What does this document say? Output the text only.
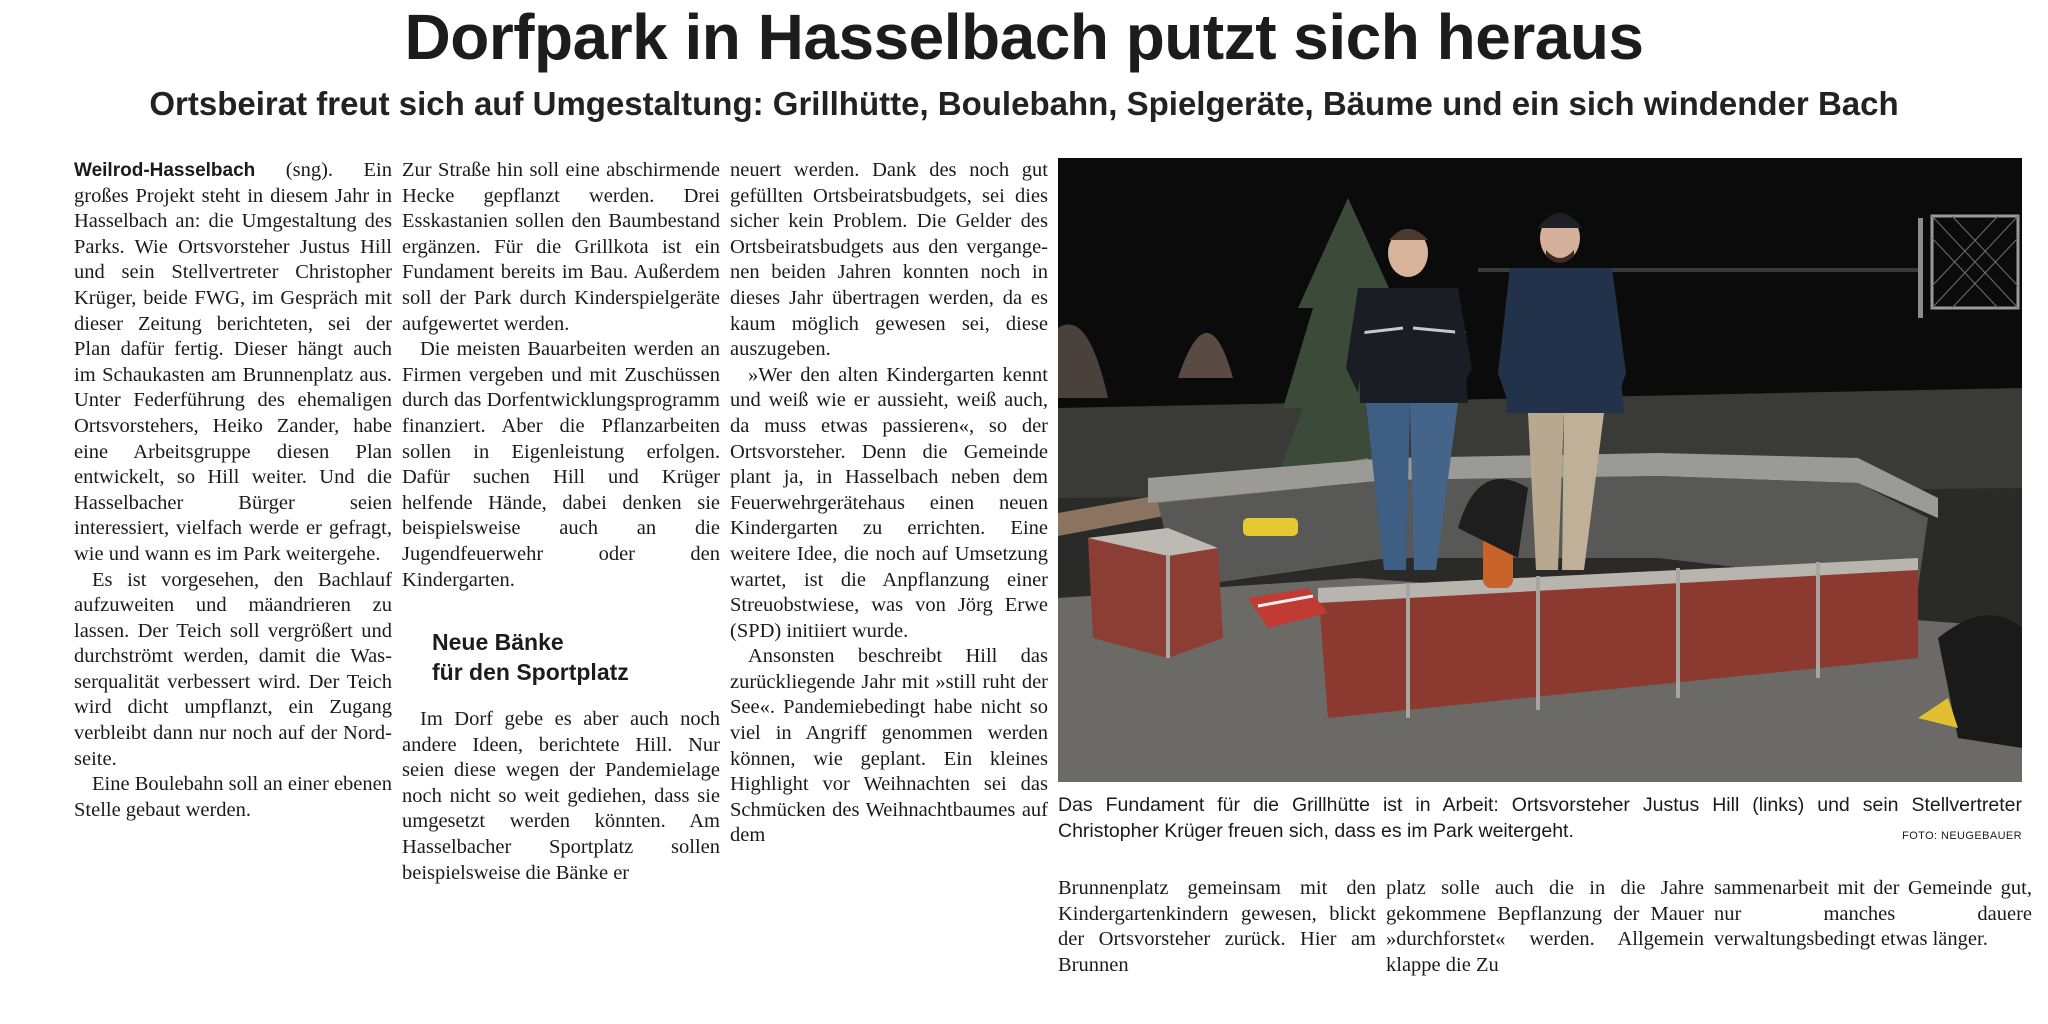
Dorfpark in Hasselbach putzt sich heraus
Ortsbeirat freut sich auf Umgestaltung: Grillhütte, Boulebahn, Spielgeräte, Bäume und ein sich windender Bach

Weilrod-Hasselbach (sng). Ein großes Projekt steht in diesem Jahr in Hasselbach an: die Umgestaltung des Parks. Wie Ortsvorsteher Justus Hill und sein Stellvertreter Christopher Krüger, beide FWG, im Gespräch mit dieser Zeitung berichteten, sei der Plan dafür fertig. Dieser hängt auch im Schaukasten am Brunnenplatz aus. Unter Federführung des ehemaligen Ortsvorstehers, Heiko Zander, habe eine Arbeitsgruppe diesen Plan entwickelt, so Hill weiter. Und die Hasselbacher Bürger seien interessiert, vielfach werde er gefragt, wie und wann es im Park weitergehe.

Es ist vorgesehen, den Bachlauf aufzuweiten und mäandrieren zu lassen. Der Teich soll vergrößert und durchströmt werden, damit die Wasserqualität verbessert wird. Der Teich wird dicht umpflanzt, ein Zugang verbleibt dann nur noch auf der Nordseite.

Eine Boulebahn soll an einer ebenen Stelle gebaut werden.

Zur Straße hin soll eine abschirmende Hecke gepflanzt werden. Drei Esskastanien sollen den Baumbestand ergänzen. Für die Grillkota ist ein Fundament bereits im Bau. Außerdem soll der Park durch Kinderspielgeräte aufgewertet werden.

Die meisten Bauarbeiten werden an Firmen vergeben und mit Zuschüssen durch das Dorfentwicklungsprogramm finanziert. Aber die Pflanzarbeiten sollen in Eigenleistung erfolgen. Dafür suchen Hill und Krüger helfende Hände, dabei denken sie beispielsweise auch an die Jugendfeuerwehr oder den Kindergarten.

Neue Bänke
für den Sportplatz

Im Dorf gebe es aber auch noch andere Ideen, berichtete Hill. Nur seien diese wegen der Pandemielage noch nicht so weit gediehen, dass sie umgesetzt werden könnten. Am Hasselbacher Sportplatz sollen beispielsweise die Bänke er

neuert werden. Dank des noch gut gefüllten Ortsbeiratsbudgets, sei dies sicher kein Problem. Die Gelder des Ortsbeiratsbudgets aus den vergangenen beiden Jahren konnten noch in dieses Jahr übertragen werden, da es kaum möglich gewesen sei, diese auszugeben.

»Wer den alten Kindergarten kennt und weiß wie er aussieht, weiß auch, da muss etwas passieren«, so der Ortsvorsteher. Denn die Gemeinde plant ja, in Hasselbach neben dem Feuerwehrgerätehaus einen neuen Kindergarten zu errichten. Eine weitere Idee, die noch auf Umsetzung wartet, ist die Anpflanzung einer Streuobstwiese, was von Jörg Erwe (SPD) initiiert wurde.

Ansonsten beschreibt Hill das zurückliegende Jahr mit »still ruht der See«. Pandemiebedingt habe nicht so viel in Angriff genommen werden können, wie geplant. Ein kleines Highlight vor Weihnachten sei das Schmücken des Weihnachtbaumes auf dem

Das Fundament für die Grillhütte ist in Arbeit: Ortsvorsteher Justus Hill (links) und sein Stellvertreter Christopher Krüger freuen sich, dass es im Park weitergeht.	FOTO: NEUGEBAUER

Brunnenplatz gemeinsam mit den Kindergartenkindern gewesen, blickt der Ortsvorsteher zurück. Hier am Brunnen

platz solle auch die in die Jahre gekommene Bepflanzung der Mauer »durchforstet« werden. Allgemein klappe die Zu

sammenarbeit mit der Gemeinde gut, nur manches dauere verwaltungsbedingt etwas länger.
